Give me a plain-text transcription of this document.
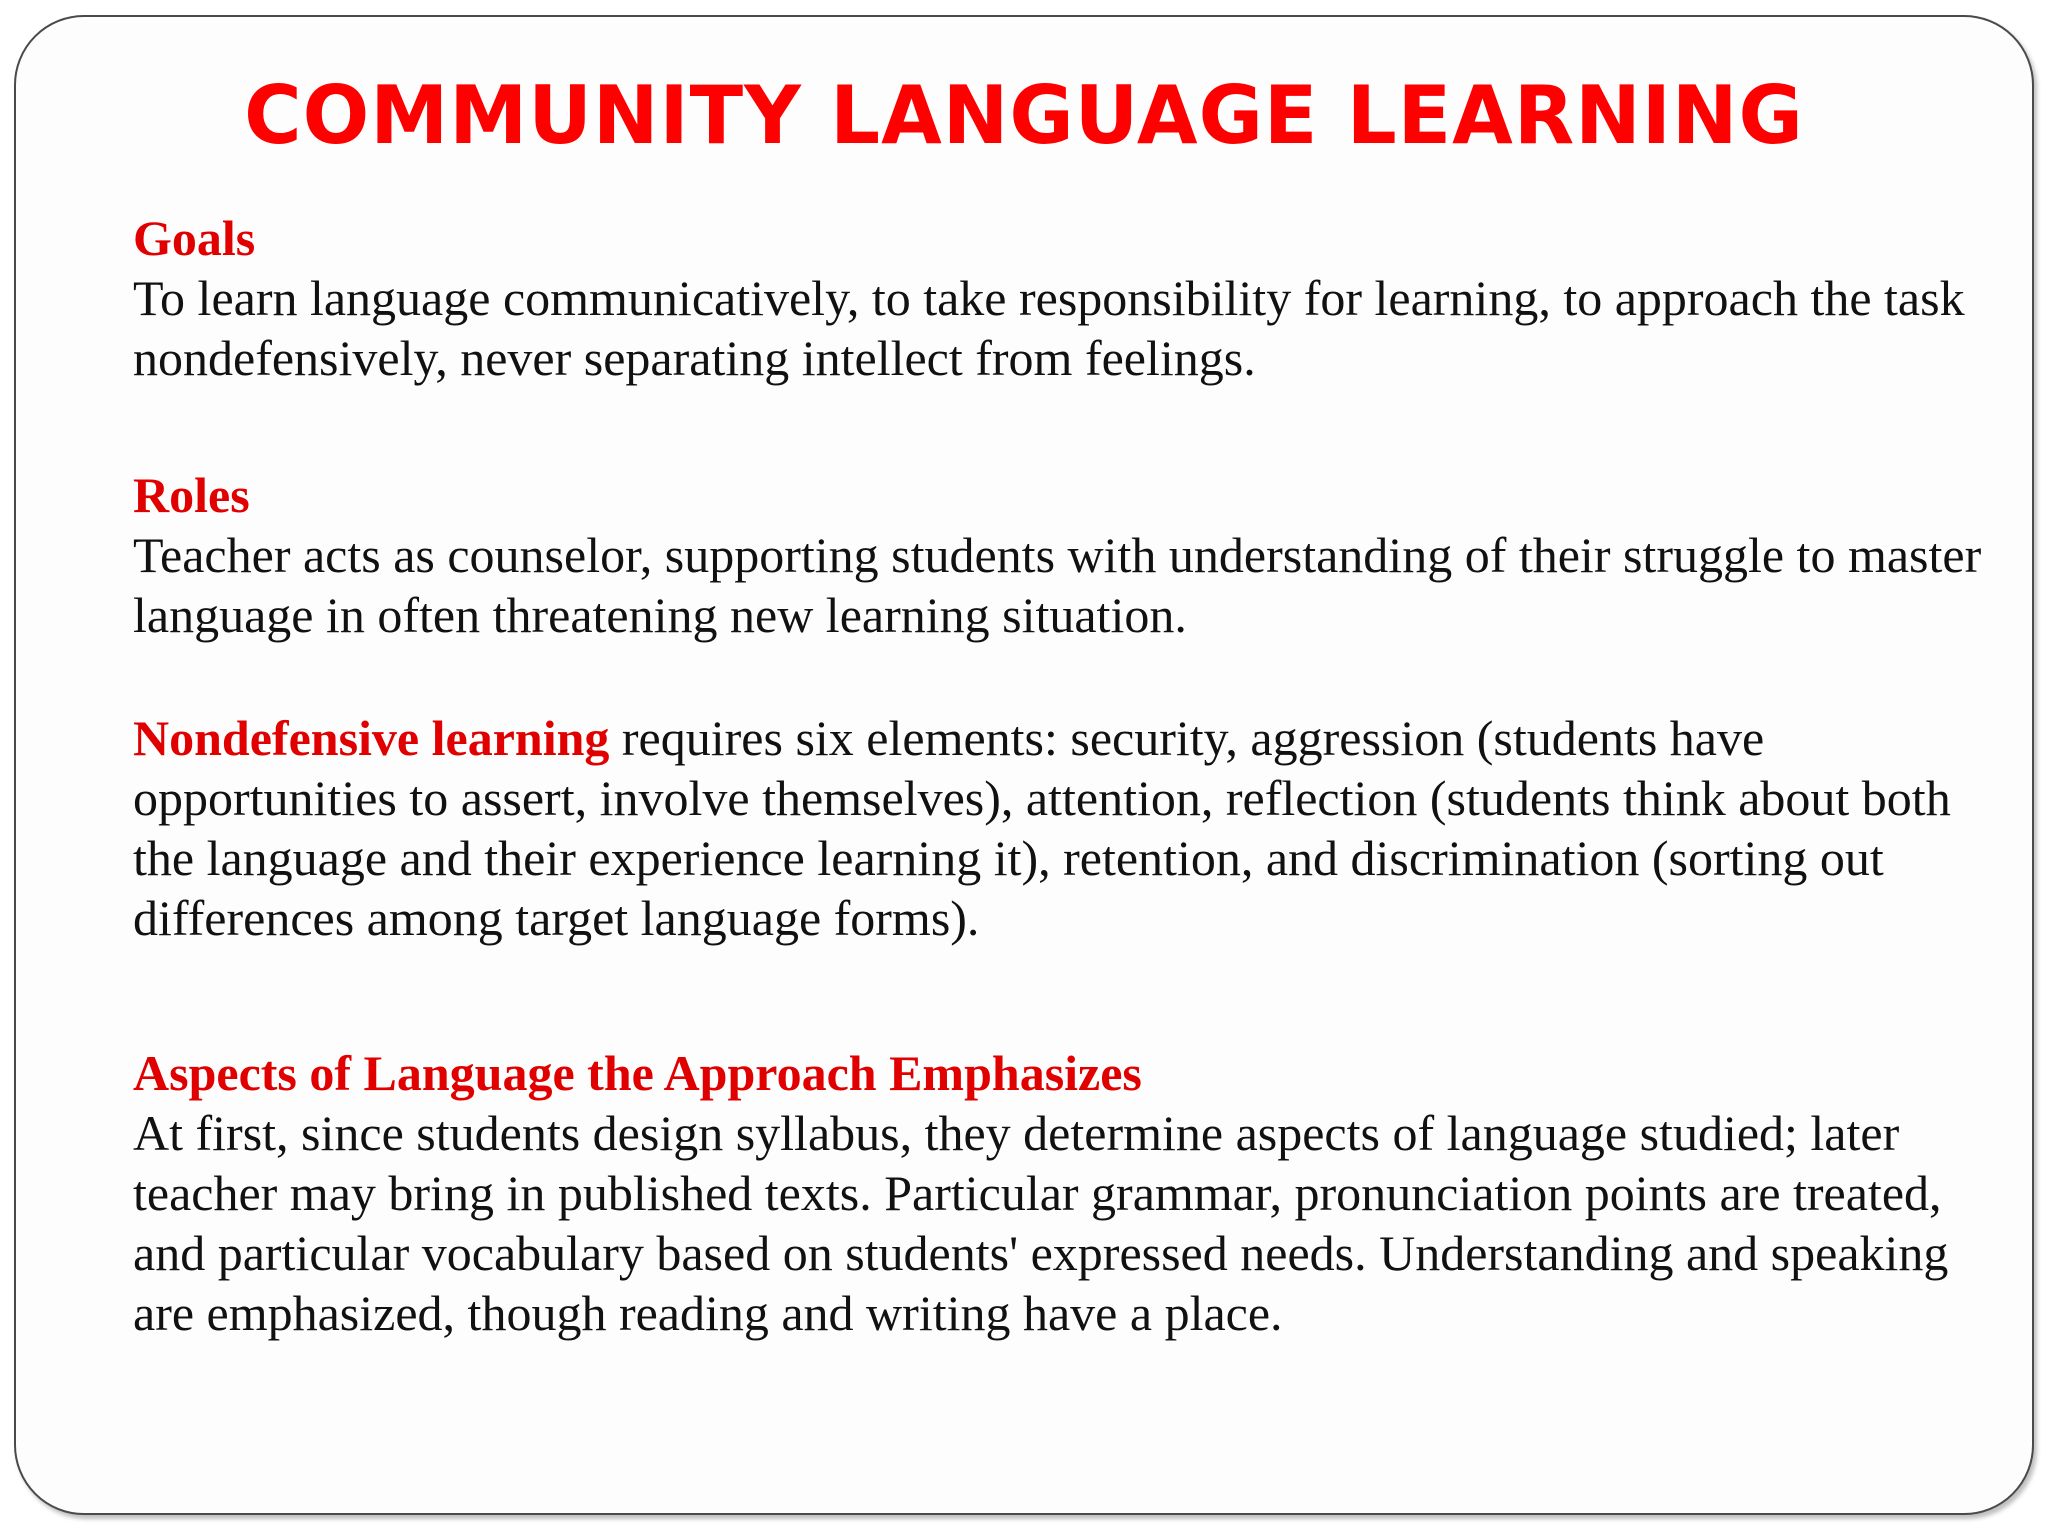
COMMUNITY LANGUAGE LEARNING

Goals
To learn language communicatively, to take responsibility for learning, to approach the task nondefensively, never separating intellect from feelings.

Roles
Teacher acts as counselor, supporting students with understanding of their struggle to master language in often threatening new learning situation.

Nondefensive learning requires six elements: security, aggression (students have opportunities to assert, involve themselves), attention, reflection (students think about both the language and their experience learning it), retention, and discrimination (sorting out differences among target language forms).

Aspects of Language the Approach Emphasizes
At first, since students design syllabus, they determine aspects of language studied; later teacher may bring in published texts. Particular grammar, pronunciation points are treated, and particular vocabulary based on students' expressed needs. Understanding and speaking are emphasized, though reading and writing have a place.
